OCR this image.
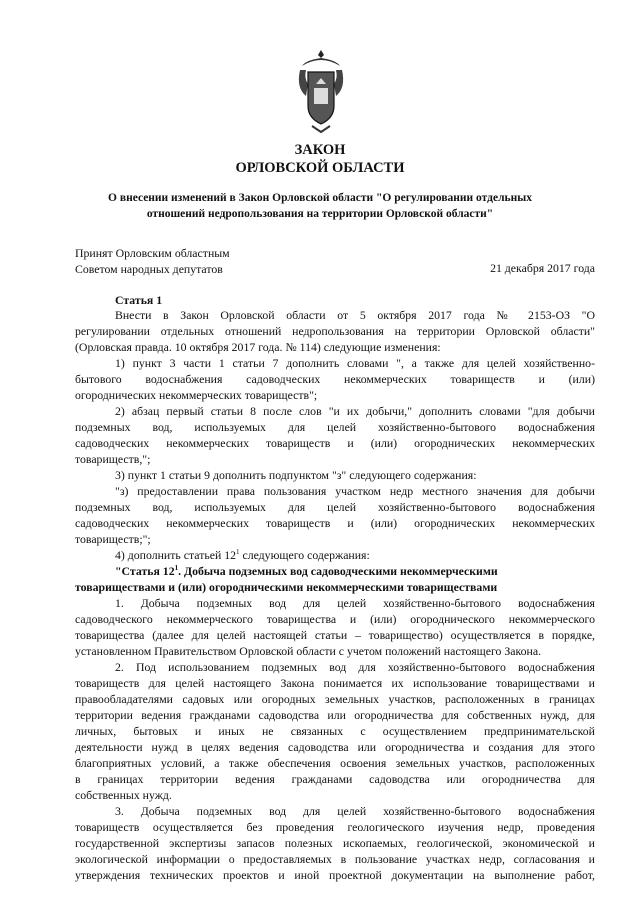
ЗАКОН
ОРЛОВСКОЙ ОБЛАСТИ
О внесении изменений в Закон Орловской области "О регулировании отдельных
отношений недропользования на территории Орловской области"
Принят Орловским областным
Советом народных депутатов	21 декабря 2017 года
Статья 1
Внести в Закон Орловской области от 5 октября 2017 года № 2153-ОЗ "О
регулировании отдельных отношений недропользования на территории Орловской области"
(Орловская правда. 10 октября 2017 года. № 114) следующие изменения:
1) пункт 3 части 1 статьи 7 дополнить словами ", а также для целей хозяйственно-
бытового водоснабжения садоводческих некоммерческих товариществ и (или)
огороднических некоммерческих товариществ";
2) абзац первый статьи 8 после слов "и их добычи," дополнить словами "для добычи
подземных вод, используемых для целей хозяйственно-бытового водоснабжения
садоводческих некоммерческих товариществ и (или) огороднических некоммерческих
товариществ,";
3) пункт 1 статьи 9 дополнить подпунктом "з" следующего содержания:
"з) предоставлении права пользования участком недр местного значения для добычи
подземных вод, используемых для целей хозяйственно-бытового водоснабжения
садоводческих некоммерческих товариществ и (или) огороднических некоммерческих
товариществ;";
4) дополнить статьей $12^1$ следующего содержания:
"Статья $12^1$. Добыча подземных вод садоводческими некоммерческими
товариществами и (или) огородническими некоммерческими товариществами
1. Добыча подземных вод для целей хозяйственно-бытового водоснабжения
садоводческого некоммерческого товарищества и (или) огороднического некоммерческого
товарищества (далее для целей настоящей статьи – товарищество) осуществляется в порядке,
установленном Правительством Орловской области с учетом положений настоящего Закона.
2. Под использованием подземных вод для хозяйственно-бытового водоснабжения
товариществ для целей настоящего Закона понимается их использование товариществами и
правообладателями садовых или огородных земельных участков, расположенных в границах
территории ведения гражданами садоводства или огородничества для собственных нужд, для
личных, бытовых и иных не связанных с осуществлением предпринимательской
деятельности нужд в целях ведения садоводства или огородничества и создания для этого
благоприятных условий, а также обеспечения освоения земельных участков, расположенных
в границах территории ведения гражданами садоводства или огородничества для
собственных нужд.
3. Добыча подземных вод для целей хозяйственно-бытового водоснабжения
товариществ осуществляется без проведения геологического изучения недр, проведения
государственной экспертизы запасов полезных ископаемых, геологической, экономической и
экологической информации о предоставляемых в пользование участках недр, согласования и
утверждения технических проектов и иной проектной документации на выполнение работ,
